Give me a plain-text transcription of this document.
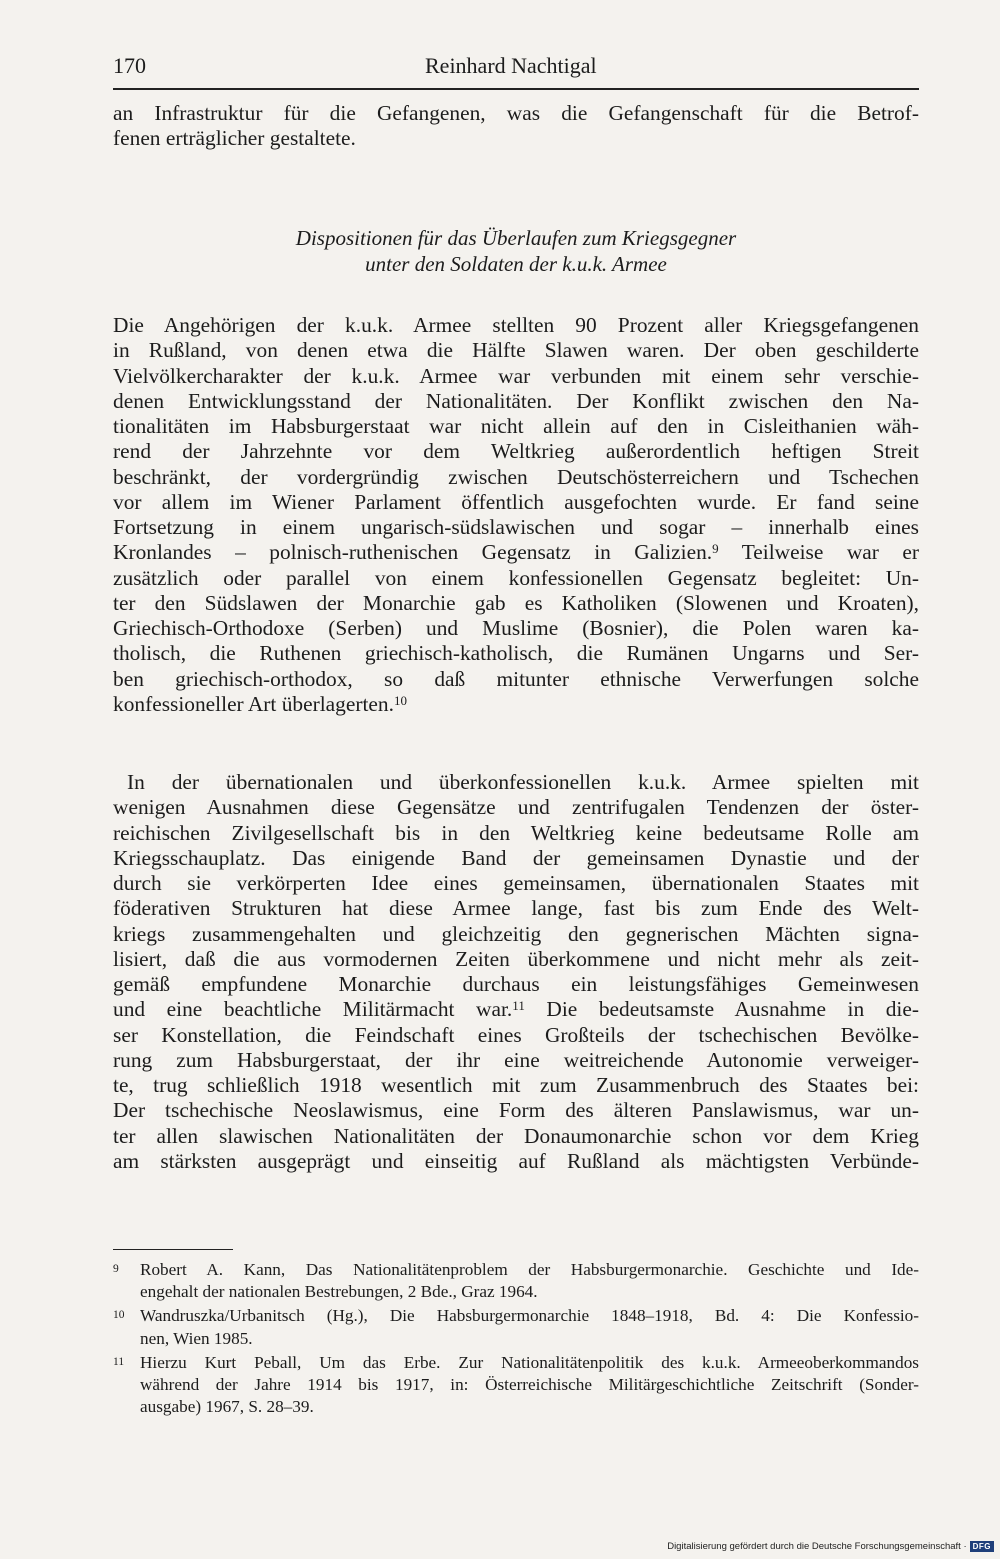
170	Reinhard Nachtigal
an Infrastruktur für die Gefangenen, was die Gefangenschaft für die Betrof-
fenen erträglicher gestaltete.
Dispositionen für das Überlaufen zum Kriegsgegner
unter den Soldaten der k.u.k. Armee
Die Angehörigen der k.u.k. Armee stellten 90 Prozent aller Kriegsgefangenen
in Rußland, von denen etwa die Hälfte Slawen waren. Der oben geschilderte
Vielvölkercharakter der k.u.k. Armee war verbunden mit einem sehr verschie-
denen Entwicklungsstand der Nationalitäten. Der Konflikt zwischen den Na-
tionalitäten im Habsburgerstaat war nicht allein auf den in Cisleithanien wäh-
rend der Jahrzehnte vor dem Weltkrieg außerordentlich heftigen Streit
beschränkt, der vordergründig zwischen Deutschösterreichern und Tschechen
vor allem im Wiener Parlament öffentlich ausgefochten wurde. Er fand seine
Fortsetzung in einem ungarisch-südslawischen und sogar – innerhalb eines
Kronlandes – polnisch-ruthenischen Gegensatz in Galizien.$^9$ Teilweise war er
zusätzlich oder parallel von einem konfessionellen Gegensatz begleitet: Un-
ter den Südslawen der Monarchie gab es Katholiken (Slowenen und Kroaten),
Griechisch-Orthodoxe (Serben) und Muslime (Bosnier), die Polen waren ka-
tholisch, die Ruthenen griechisch-katholisch, die Rumänen Ungarns und Ser-
ben griechisch-orthodox, so daß mitunter ethnische Verwerfungen solche
konfessioneller Art überlagerten.$^{10}$
In der übernationalen und überkonfessionellen k.u.k. Armee spielten mit
wenigen Ausnahmen diese Gegensätze und zentrifugalen Tendenzen der öster-
reichischen Zivilgesellschaft bis in den Weltkrieg keine bedeutsame Rolle am
Kriegsschauplatz. Das einigende Band der gemeinsamen Dynastie und der
durch sie verkörperten Idee eines gemeinsamen, übernationalen Staates mit
föderativen Strukturen hat diese Armee lange, fast bis zum Ende des Welt-
kriegs zusammengehalten und gleichzeitig den gegnerischen Mächten signa-
lisiert, daß die aus vormodernen Zeiten überkommene und nicht mehr als zeit-
gemäß empfundene Monarchie durchaus ein leistungsfähiges Gemeinwesen
und eine beachtliche Militärmacht war.$^{11}$ Die bedeutsamste Ausnahme in die-
ser Konstellation, die Feindschaft eines Großteils der tschechischen Bevölke-
rung zum Habsburgerstaat, der ihr eine weitreichende Autonomie verweiger-
te, trug schließlich 1918 wesentlich mit zum Zusammenbruch des Staates bei:
Der tschechische Neoslawismus, eine Form des älteren Panslawismus, war un-
ter allen slawischen Nationalitäten der Donaumonarchie schon vor dem Krieg
am stärksten ausgeprägt und einseitig auf Rußland als mächtigsten Verbünde-
9 Robert A. Kann, Das Nationalitätenproblem der Habsburgermonarchie. Geschichte und Ide-
engehalt der nationalen Bestrebungen, 2 Bde., Graz 1964.
10 Wandruszka/Urbanitsch (Hg.), Die Habsburgermonarchie 1848–1918, Bd. 4: Die Konfessio-
nen, Wien 1985.
11 Hierzu Kurt Peball, Um das Erbe. Zur Nationalitätenpolitik des k.u.k. Armeeoberkommandos
während der Jahre 1914 bis 1917, in: Österreichische Militärgeschichtliche Zeitschrift (Sonder-
ausgabe) 1967, S. 28–39.
Digitalisierung gefördert durch die Deutsche Forschungsgemeinschaft · DFG
